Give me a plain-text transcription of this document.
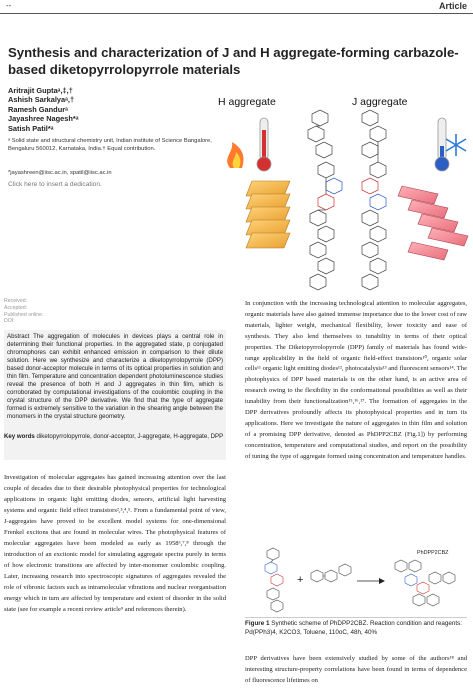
--	Article
Synthesis and characterization of J and H aggregate-forming carbazole-based diketopyrrolopyrrole materials
Aritrajit Guptaᵃ,‡,†
Ashish Sarkalyaᵃ,†
Ramesh Gandurᵃ
Jayashree Nagesh*ᵃ
Satish Patil*ᵃ
ᵃ Solid state and structural chemistry unit, Indian institute of Science Bangalore, Bengaluru 560012, Karnataka, India.† Equal contribution.
*jayashreen@iisc.ac.in, spatil@iisc.ac.in
Click here to insert a dedication.
H aggregate	J aggregate
Received:
Accepted:
Published online:
DOI:
Abstract The aggregation of molecules in devices plays a central role in determining their functional properties. In the aggregated state, p conjugated chromophores can exhibit enhanced emission in comparison to their dilute solution. Here we synthesize and characterize a diketopyrrolopyrrole (DPP) based donor-acceptor molecule in terms of its optical properties in solution and thin film. Temperature and concentration dependent photoluminescence studies reveal the presence of both H and J aggregates in thin film, which is corroborated by computational investigations of the coulombic coupling in the crystal structure of the DPP derivative. We find that the type of aggregate formed is extremely sensitive to the variation in the shearing angle between the monomers in the crystal structure geometry.
Key words diketopyrrolopyrrole, donor-acceptor, J-aggregate, H-aggregate, DPP
Investigation of molecular aggregates has gained increasing attention over the last couple of decades due to their desirable photophysical properties for technological applications in organic light emitting diodes, sensors, artificial light harvesting systems and organic field effect transistors²,³,⁴,⁵. From a fundamental point of view, J-aggregates have proved to be excellent model systems for one-dimensional Frenkel excitons that are found in molecular wires. The photophysical features of molecular aggregates have been modeled as early as 1958⁶,⁷,⁸ through the introduction of an excitonic model for simulating aggregate spectra purely in terms of how electronic transitions are affected by inter-monomer coulombic coupling. Later, increasing research into spectroscopic signatures of aggregates revealed the role of vibronic factors such as intramolecular vibrations and nuclear reorganisation energy which in turn are affected by temperature and extent of disorder in the solid state (see for example a recent review article⁹ and references therein).
In conjunction with the increasing technological attention to molecular aggregates, organic materials have also gained immense importance due to the lower cost of raw materials, lighter weight, mechanical flexibility, lower toxicity and ease of synthesis. They also lend themselves to tunability in terms of their optical properties. The Diketopyrrolopyrrole (DPP) family of materials has found wide-range applicability in the field of organic field-effect transistors¹⁰, organic solar cells¹¹ organic light emitting diodes¹², photocatalysis¹³ and fluorescent sensors¹⁴. The photophysics of DPP based materials is on the other hand, is an active area of research owing to the flexibility in the conformational possibilities as well as their tunability from their functionalization¹⁵,¹⁶,¹⁷. The formation of aggregates in the DPP derivatives profoundly affects its photophysical properties and in turn its applications. Here we investigate the nature of aggregates in thin film and solution of a promising DPP derivative, denoted as PhDPP2CBZ (Fig.1]) by performing concentration, temperature and computational studies, and report on the possibility of tuning the type of aggregate formed using concentration and temperature handles.
+
PhDPP2CBZ
Figure 1 Synthetic scheme of PhDPP2CBZ. Reaction condition and reagents: Pd(PPh3)4, K2CO3, Toluene, 110oC, 48h, 40%
DPP derivatives have been extensively studied by some of the authors¹⁸ and interesting structure-property correlations have been found in terms of dependence of fluorescence lifetimes on
